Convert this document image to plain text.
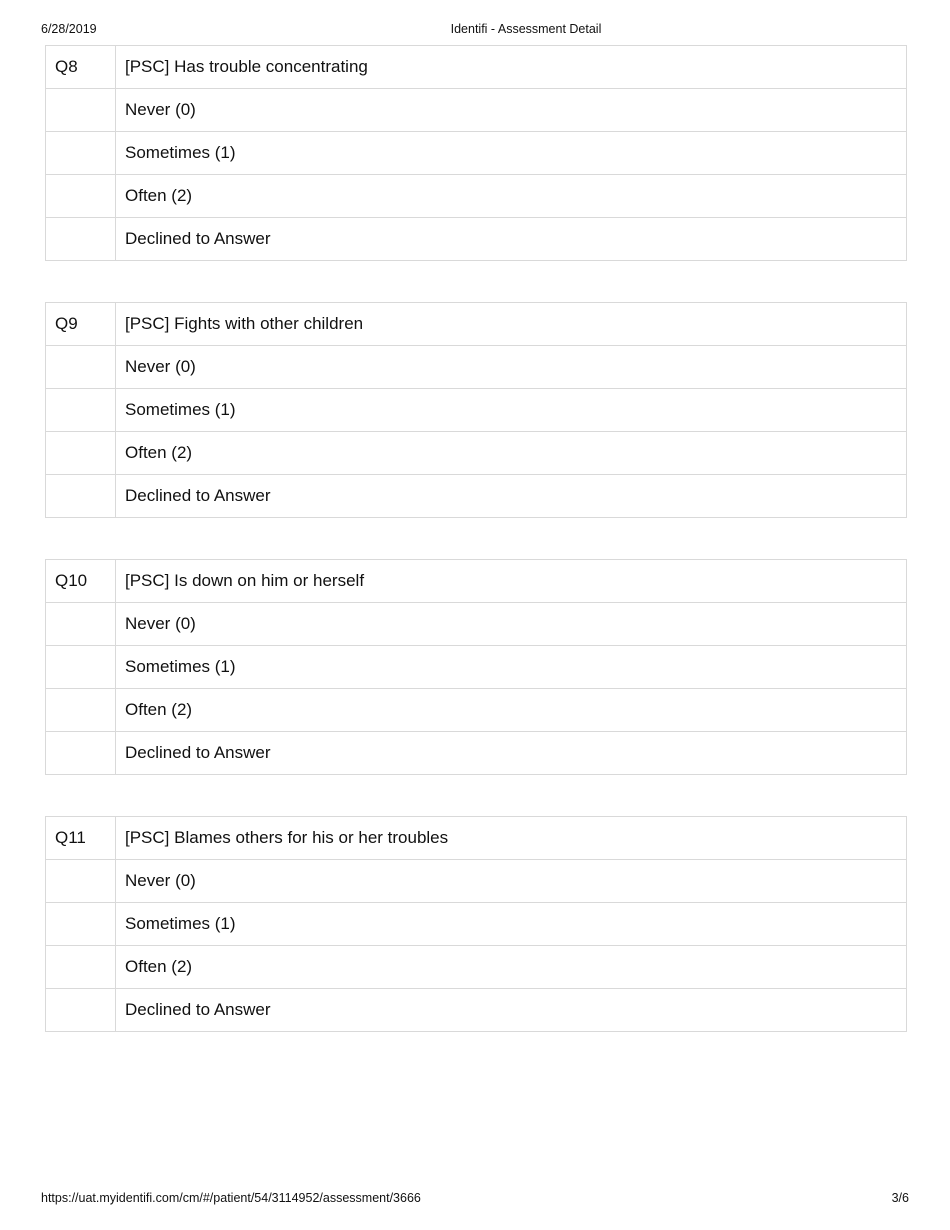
6/28/2019	Identifi - Assessment Detail
Q8	[PSC] Has trouble concentrating
	Never (0)
	Sometimes (1)
	Often (2)
	Declined to Answer
Q9	[PSC] Fights with other children
	Never (0)
	Sometimes (1)
	Often (2)
	Declined to Answer
Q10	[PSC] Is down on him or herself
	Never (0)
	Sometimes (1)
	Often (2)
	Declined to Answer
Q11	[PSC] Blames others for his or her troubles
	Never (0)
	Sometimes (1)
	Often (2)
	Declined to Answer
https://uat.myidentifi.com/cm/#/patient/54/3114952/assessment/3666	3/6
